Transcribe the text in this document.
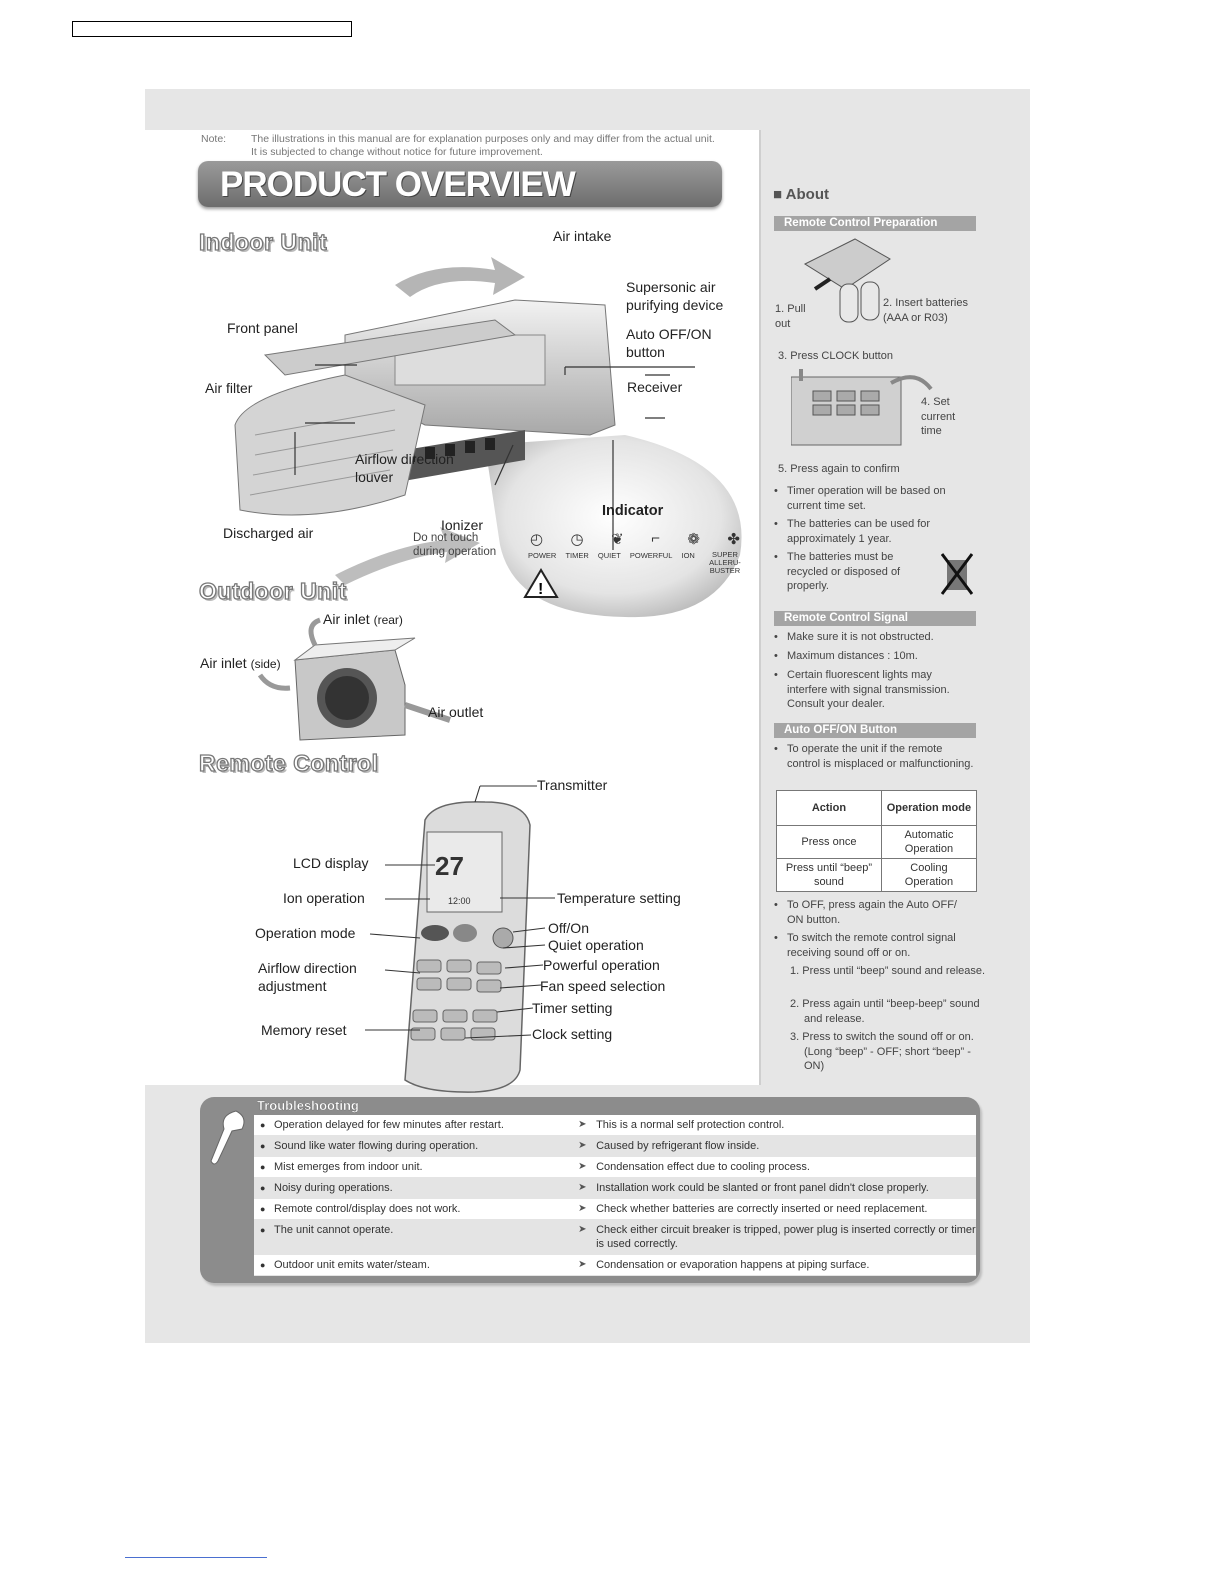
Note: The illustrations in this manual are for explanation purposes only and may differ from the actual unit. It is subjected to change without notice for future improvement.
PRODUCT OVERVIEW
Indoor Unit
!
Air intake
Supersonic air purifying device
Front panel	Auto OFF/ON button
Air filter	Receiver
Airflow direction louver
Discharged air	Ionizer
Do not touch during operation
Indicator
◴ ◷ ❦ ⌐ ❁ ✤
POWER TIMER QUIET POWERFUL ION	SUPER ALLERU-BUSTER
Outdoor Unit
Air inlet (rear)
Air inlet (side)
Air outlet
Remote Control
27
12:00
Transmitter
LCD display
Ion operation	Temperature setting
Operation mode	Off/On
Quiet operation
Airflow direction adjustment
Powerful operation
Fan speed selection
Timer setting
Memory reset	Clock setting
■ About
Remote Control Preparation
1. Pull out
2. Insert batteries (AAA or R03)
3. Press CLOCK button
4. Set current time
5. Press again to confirm
• Timer operation will be based on current time set.
• The batteries can be used for approximately 1 year.
• The batteries must be recycled or disposed of properly.
Remote Control Signal
• Make sure it is not obstructed.
• Maximum distances : 10m.
• Certain fluorescent lights may interfere with signal transmission. Consult your dealer.
Auto OFF/ON Button
• To operate the unit if the remote control is misplaced or malfunctioning.
Action	Operation mode
Press once	Automatic Operation
Press until “beep” sound	Cooling Operation
• To OFF, press again the Auto OFF/ ON button.
• To switch the remote control signal receiving sound off or on.
1. Press until “beep” sound and release.
2. Press again until “beep-beep” sound and release.
3. Press to switch the sound off or on. (Long “beep” - OFF; short “beep” - ON)
Troubleshooting
● Operation delayed for few minutes after restart.	➤ This is a normal self protection control.
● Sound like water flowing during operation.	➤ Caused by refrigerant flow inside.
● Mist emerges from indoor unit.	➤ Condensation effect due to cooling process.
● Noisy during operations.	➤ Installation work could be slanted or front panel didn't close properly.
● Remote control/display does not work.	➤ Check whether batteries are correctly inserted or need replacement.
● The unit cannot operate.	➤ Check either circuit breaker is tripped, power plug is inserted correctly or timer is used correctly.
● Outdoor unit emits water/steam.	➤ Condensation or evaporation happens at piping surface.
